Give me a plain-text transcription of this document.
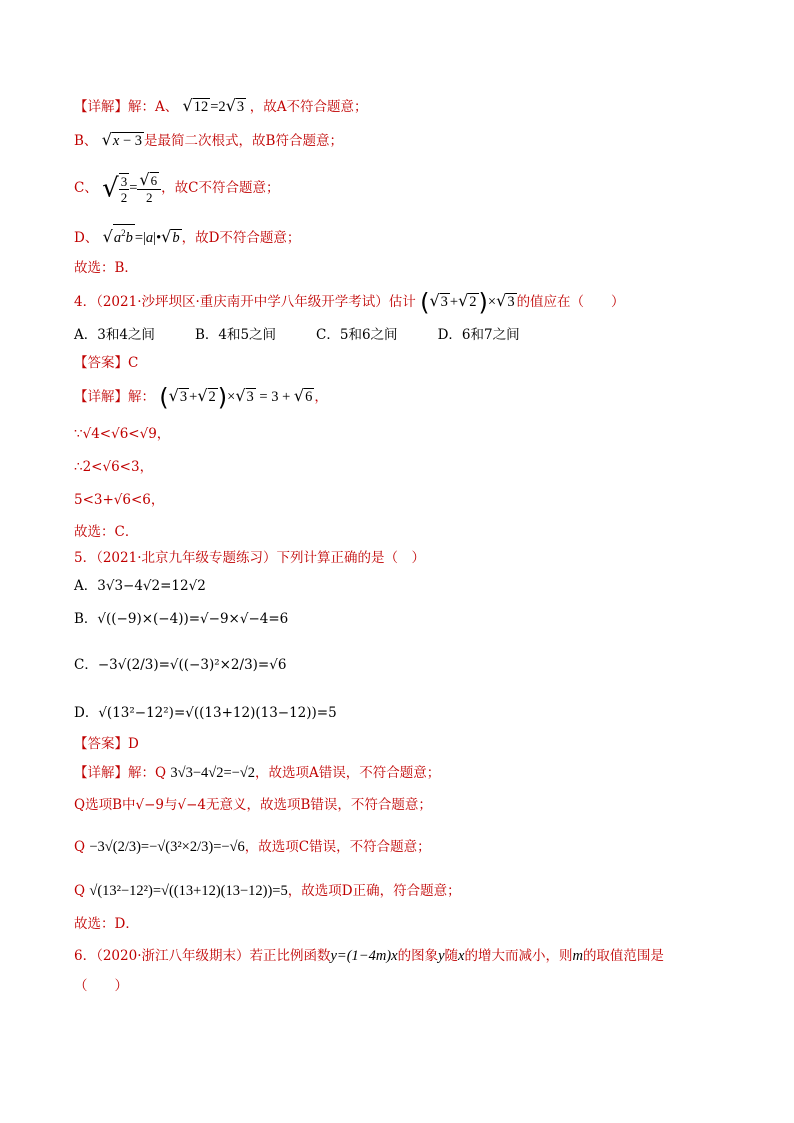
【详解】解：A、 √12 =2√3 ，故A不符合题意；
B、 √x − 3 是最简二次根式，故B符合题意；
C、 √ $\frac{3}{2} = \frac{√6}{2}$ ，故C不符合题意；
D、 $√a^2b$ =|a|•√b ，故D不符合题意；
故选：B．
4．（2021·沙坪坝区·重庆南开中学八年级开学考试）估计 (√3 +√2)×√3 的值应在（　　）
A．3和4之间	B．4和5之间	C．5和6之间	D．6和7之间
【答案】C
【详解】解： (√3 +√2)×√3 = 3 + √6 ，
∵√4<√6<√9，
∴2<√6<3，
5<3+√6<6，
故选：C．
5．（2021·北京九年级专题练习）下列计算正确的是（　）
A．3√3−4√2=12√2
B．√((−9)×(−4))=√−9×√−4=6
C．−3√(2/3)=√((−3)²×2/3)=√6
D．√(13²−12²)=√((13+12)(13−12))=5
【答案】D
【详解】解：Q 3√3−4√2=−√2，故选项A错误，不符合题意；
Q选项B中√−9与√−4无意义，故选项B错误，不符合题意；
Q −3√(2/3)=−√(3²×2/3)=−√6，故选项C错误，不符合题意；
Q √(13²−12²)=√((13+12)(13−12))=5，故选项D正确，符合题意；
故选：D．
6．（2020·浙江八年级期末）若正比例函数y=(1−4m)x的图象y随x的增大而减小，则m的取值范围是
（　　）
